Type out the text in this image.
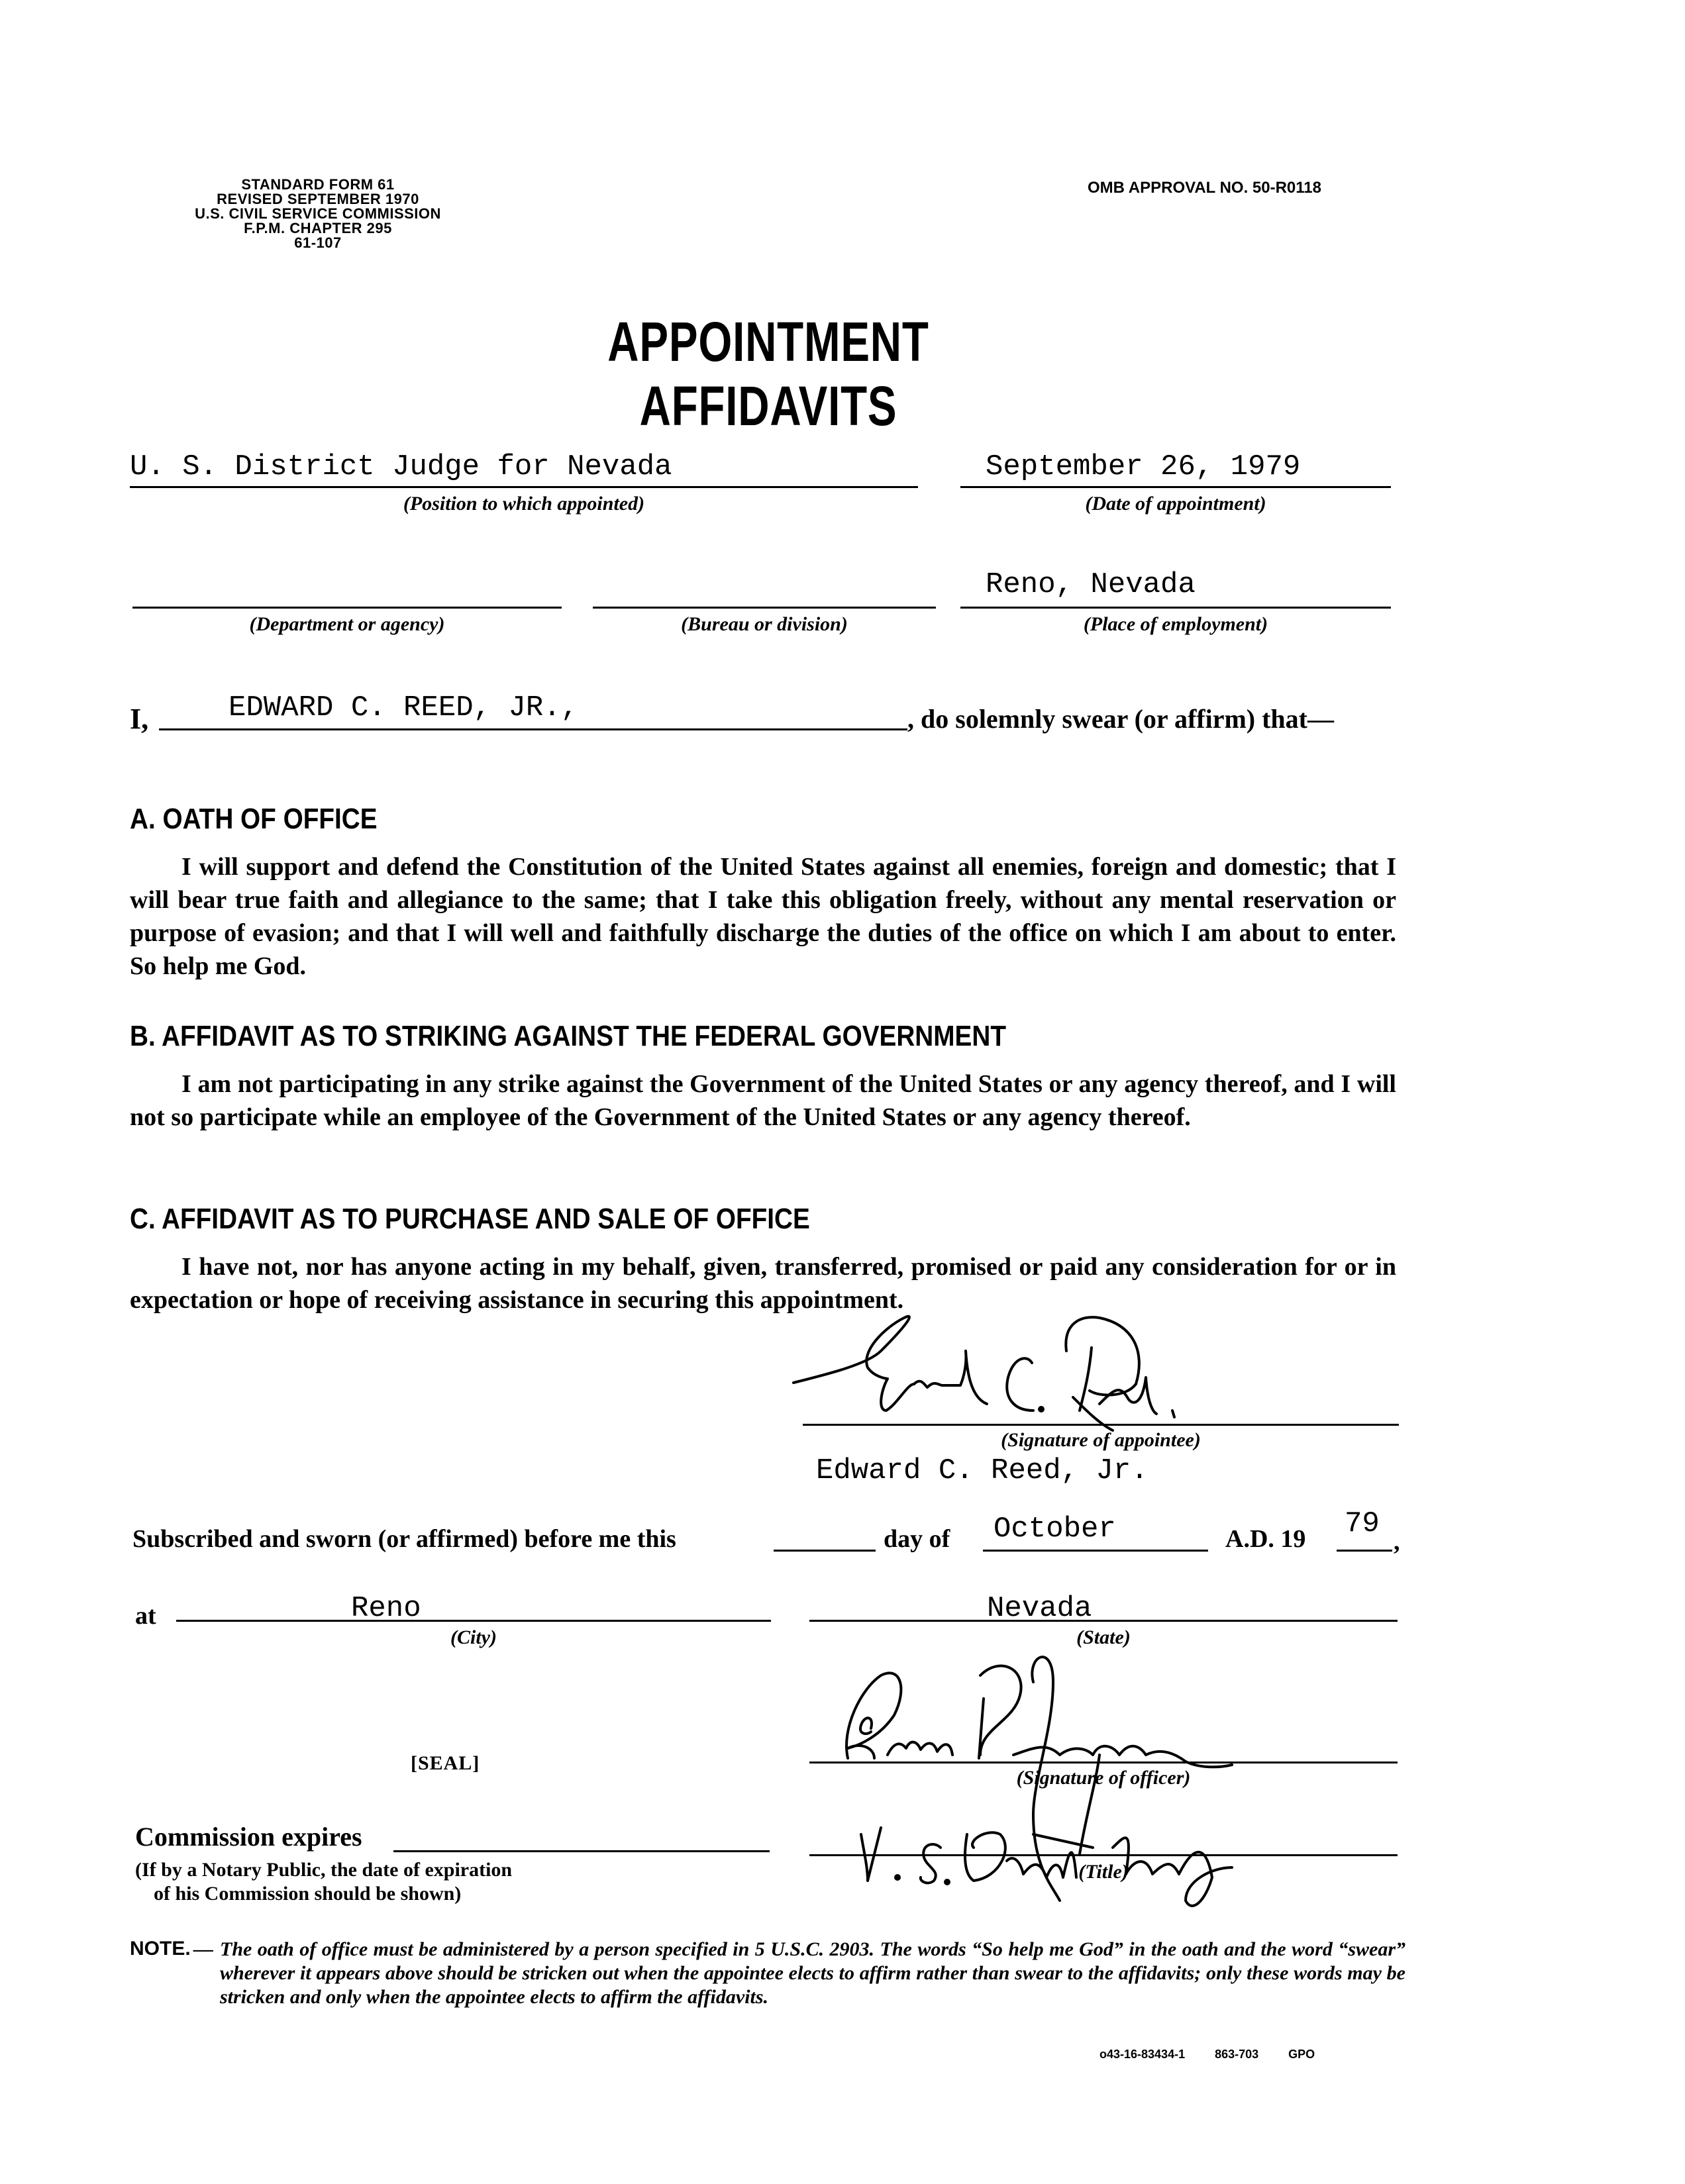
STANDARD FORM 61
REVISED SEPTEMBER 1970
U.S. CIVIL SERVICE COMMISSION
F.P.M. CHAPTER 295
61-107
OMB APPROVAL NO. 50-R0118
APPOINTMENT AFFIDAVITS
U. S. District Judge for Nevada
(Position to which appointed)
September 26, 1979
(Date of appointment)
(Department or agency)	(Bureau or division)
Reno, Nevada
(Place of employment)
I,	EDWARD C. REED, JR.,	, do solemnly swear (or affirm) that—
A. OATH OF OFFICE
I will support and defend the Constitution of the United States against all enemies, foreign and domestic; that I will bear true faith and allegiance to the same; that I take this obligation freely, without any mental reservation or purpose of evasion; and that I will well and faithfully discharge the duties of the office on which I am about to enter. So help me God.
B. AFFIDAVIT AS TO STRIKING AGAINST THE FEDERAL GOVERNMENT
I am not participating in any strike against the Government of the United States or any agency thereof, and I will not so participate while an employee of the Government of the United States or any agency thereof.
C. AFFIDAVIT AS TO PURCHASE AND SALE OF OFFICE
I have not, nor has anyone acting in my behalf, given, transferred, promised or paid any consideration for or in expectation or hope of receiving assistance in securing this appointment.
(Signature of appointee)
Edward C. Reed, Jr.
Subscribed and sworn (or affirmed) before me this	day of October	A.D. 19 79
,
at	Reno
(City)
Nevada
(State)
[SEAL]
(Signature of officer)
(Title)
Commission expires
(If by a Notary Public, the date of expiration
of his Commission should be shown)
NOTE. — The oath of office must be administered by a person specified in 5 U.S.C. 2903. The words “So help me God” in the oath and the word “swear” wherever it appears above should be stricken out when the appointee elects to affirm rather than swear to the affidavits; only these words may be stricken and only when the appointee elects to affirm the affidavits.
o43-16-83434-1 863-703 GPO
